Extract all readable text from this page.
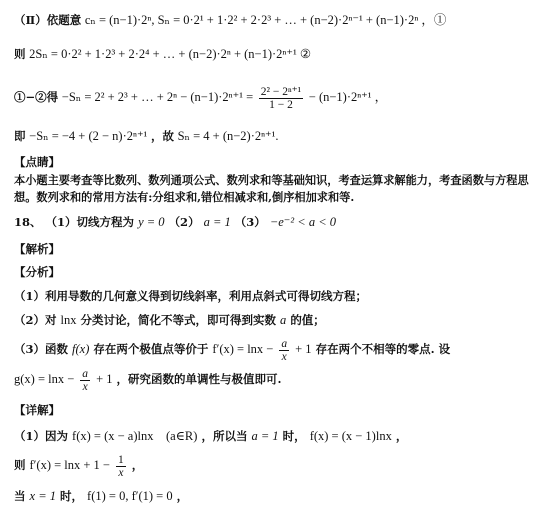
（Ⅱ）依题意 cₙ = (n−1)·2ⁿ, Sₙ = 0·2¹ + 1·2² + 2·2³ + … + (n−2)·2ⁿ⁻¹ + (n−1)·2ⁿ ，①
则 2Sₙ = 0·2² + 1·2³ + 2·2⁴ + … + (n−2)·2ⁿ + (n−1)·2ⁿ⁺¹ ②
①−②得 −Sₙ = 2² + 2³ + … + $2^n - (n-1)\cdot 2^{n+1} = \frac{\text{2² − 2ⁿ⁺¹}}{1 - 2} - (n-1)\cdot 2^{n+1}$ ，
即 −Sₙ = −4 + (2 − n)·2ⁿ⁺¹ ，故 Sₙ = 4 + (n−2)·2ⁿ⁺¹.
【点睛】
本小题主要考查等比数列、数列通项公式、数列求和等基础知识，考查运算求解能力，考查函数与方程思想。数列求和的常用方法有:分组求和,错位相减求和,倒序相加求和等.
18、 （1）切线方程为 y = 0 （2） a = 1 （3） −e⁻² < a < 0
【解析】
【分析】
（1）利用导数的几何意义得到切线斜率，利用点斜式可得切线方程；
（2）对 lnx 分类讨论，简化不等式，即可得到实数 a 的值；
（3）函数 f(x) 存在两个极值点等价于 $f'(x) = \ln x - \frac{a}{x} + 1$ 存在两个不相等的零点. 设
$g(x) = \ln x - \frac{a}{x} + 1$ ，研究函数的单调性与极值即可.
【详解】
（1）因为 f(x) = (x − a)lnx　(a∈R) ，所以当 a = 1 时， f(x) = (x − 1)lnx ，
则 $f'(x) = \ln x + 1 - \frac{1}{x}$ ，
当 x = 1 时， f(1) = 0, f′(1) = 0 ，
